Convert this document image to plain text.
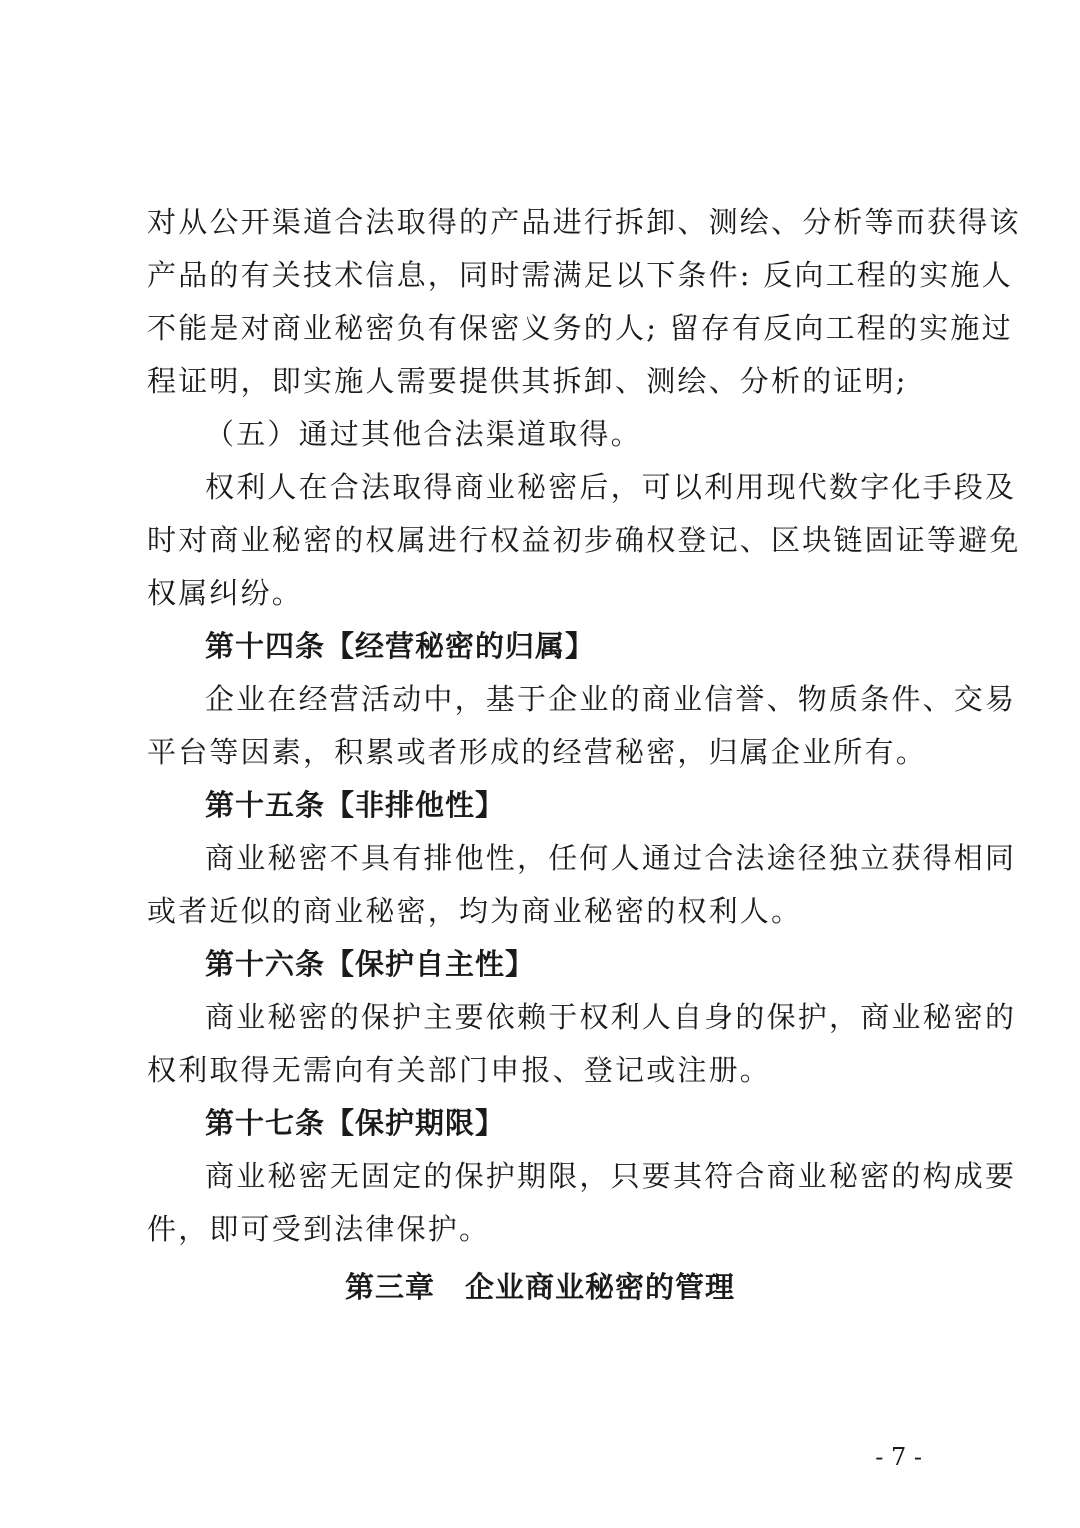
对从公开渠道合法取得的产品进行拆卸、测绘、分析等而获得该
产品的有关技术信息，同时需满足以下条件: 反向工程的实施人
不能是对商业秘密负有保密义务的人; 留存有反向工程的实施过
程证明，即实施人需要提供其拆卸、测绘、分析的证明;
（五）通过其他合法渠道取得。
权利人在合法取得商业秘密后，可以利用现代数字化手段及
时对商业秘密的权属进行权益初步确权登记、区块链固证等避免
权属纠纷。
第十四条【经营秘密的归属】
企业在经营活动中，基于企业的商业信誉、物质条件、交易
平台等因素，积累或者形成的经营秘密，归属企业所有。
第十五条【非排他性】
商业秘密不具有排他性，任何人通过合法途径独立获得相同
或者近似的商业秘密，均为商业秘密的权利人。
第十六条【保护自主性】
商业秘密的保护主要依赖于权利人自身的保护，商业秘密的
权利取得无需向有关部门申报、登记或注册。
第十七条【保护期限】
商业秘密无固定的保护期限，只要其符合商业秘密的构成要
件，即可受到法律保护。
第三章　企业商业秘密的管理
- 7 -
